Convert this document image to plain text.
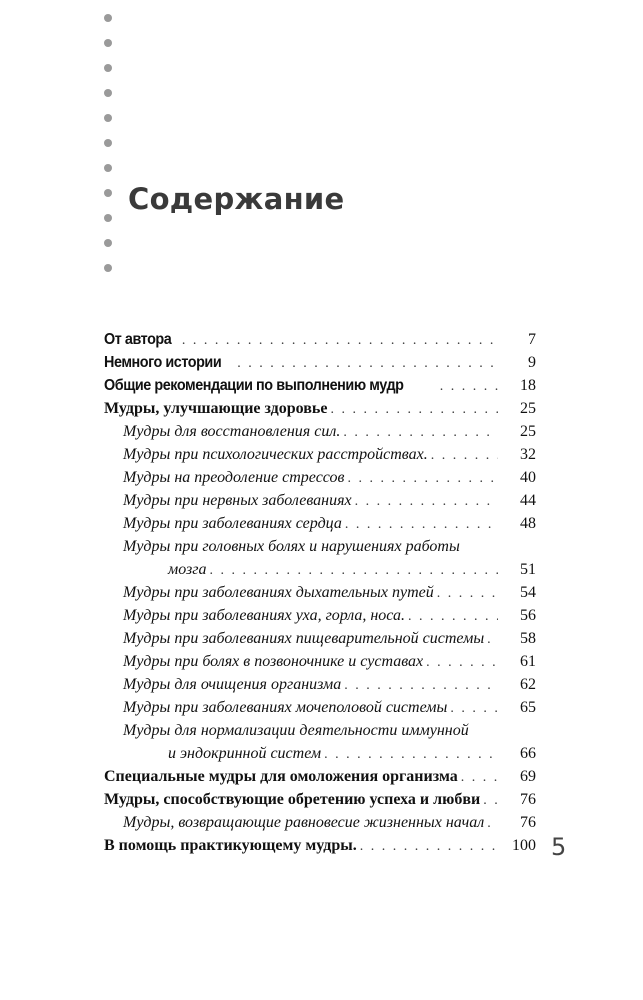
Содержание
От автора . . .	7
Немного истории . . .	9
Общие рекомендации по выполнению мудр . . .	18
Мудры, улучшающие здоровье . . .	25
Мудры для восстановления сил. . . .	25
Мудры при психологических расстройствах. . . .	32
Мудры на преодоление стрессов . . .	40
Мудры при нервных заболеваниях . . .	44
Мудры при заболеваниях сердца . . .	48
Мудры при головных болях и нарушениях работы
мозга . . .	51
Мудры при заболеваниях дыхательных путей . . .	54
Мудры при заболеваниях уха, горла, носа. . . .	56
Мудры при заболеваниях пищеварительной системы . . .	58
Мудры при болях в позвоночнике и суставах . . .	61
Мудры для очищения организма . . .	62
Мудры при заболеваниях мочеполовой системы . . .	65
Мудры для нормализации деятельности иммунной
и эндокринной систем . . .	66
Специальные мудры для омоложения организма . . .	69
Мудры, способствующие обретению успеха и любви . . .	76
Мудры, возвращающие равновесие жизненных начал . . .	76
В помощь практикующему мудры. . . .	100 5
